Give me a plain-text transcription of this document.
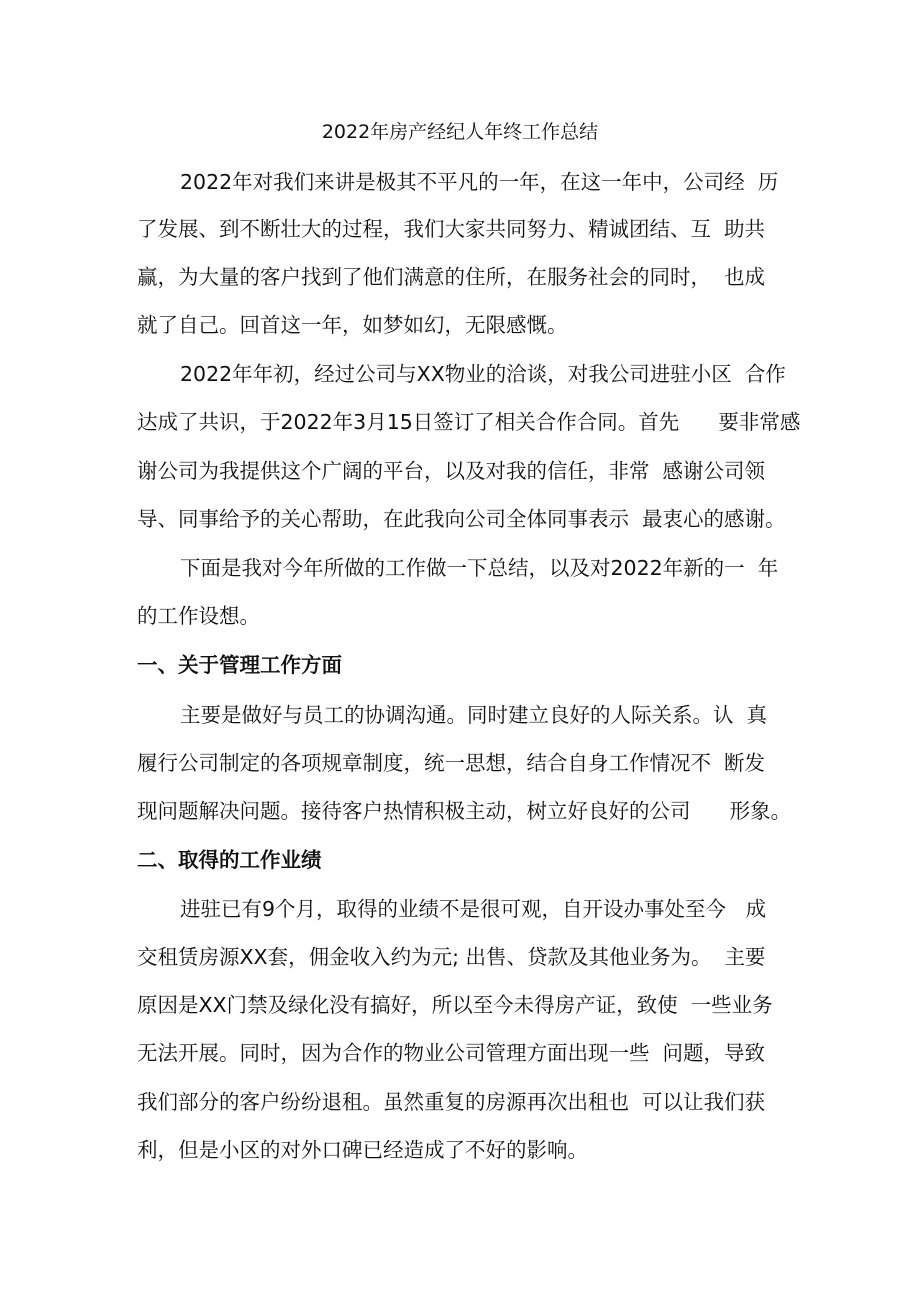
2022年房产经纪人年终工作总结

2022年对我们来讲是极其不平凡的一年，在这一年中，公司经  历

了发展、到不断壮大的过程，我们大家共同努力、精诚团结、互  助共

赢，为大量的客户找到了他们满意的住所，在服务社会的同时，  也成

就了自己。回首这一年，如梦如幻，无限感慨。

2022年年初，经过公司与XX物业的洽谈，对我公司进驻小区  合作

达成了共识，于2022年3月15日签订了相关合作合同。首先      要非常感

谢公司为我提供这个广阔的平台，以及对我的信任，非常  感谢公司领

导、同事给予的关心帮助，在此我向公司全体同事表示  最衷心的感谢。

下面是我对今年所做的工作做一下总结，以及对2022年新的一  年

的工作设想。

一、关于管理工作方面

主要是做好与员工的协调沟通。同时建立良好的人际关系。认  真

履行公司制定的各项规章制度，统一思想，结合自身工作情况不  断发

现问题解决问题。接待客户热情积极主动，树立好良好的公司      形象。

二、取得的工作业绩

进驻已有9个月，取得的业绩不是很可观，自开设办事处至今   成

交租赁房源XX套，佣金收入约为元; 出售、贷款及其他业务为。  主要

原因是XX门禁及绿化没有搞好，所以至今未得房产证，致使  一些业务

无法开展。同时，因为合作的物业公司管理方面出现一些  问题，导致

我们部分的客户纷纷退租。虽然重复的房源再次出租也  可以让我们获

利，但是小区的对外口碑已经造成了不好的影响。
